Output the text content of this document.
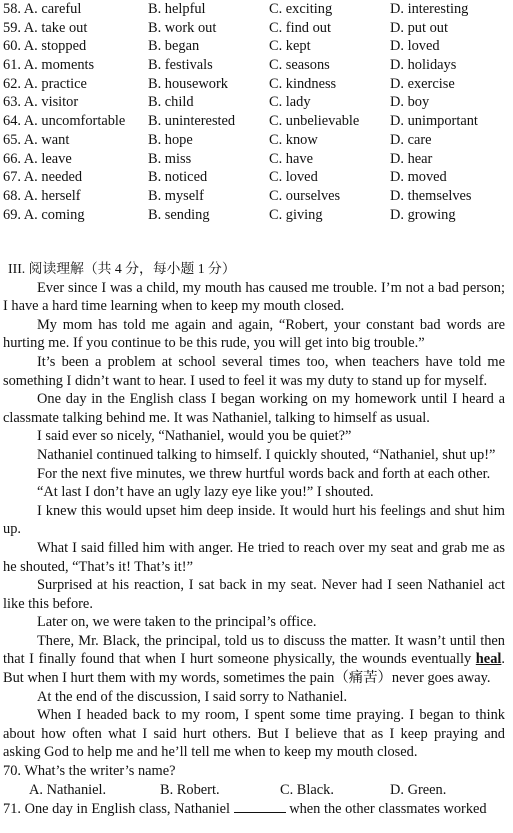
58. A. careful	B. helpful	C. exciting	D. interesting
59. A. take out	B. work out	C. find out	D. put out
60. A. stopped	B. began	C. kept	D. loved
61. A. moments	B. festivals	C. seasons	D. holidays
62. A. practice	B. housework	C. kindness	D. exercise
63. A. visitor	B. child	C. lady	D. boy
64. A. uncomfortable B. uninterested C. unbelievable D. unimportant
65. A. want	B. hope	C. know	D. care
66. A. leave	B. miss	C. have	D. hear
67. A. needed	B. noticed	C. loved	D. moved
68. A. herself	B. myself	C. ourselves	D. themselves
69. A. coming	B. sending	C. giving	D. growing
III. 阅读理解（共 4 分，每小题 1 分）
Ever since I was a child, my mouth has caused me trouble. I’m not a bad person;
I have a hard time learning when to keep my mouth closed.
My mom has told me again and again, “Robert, your constant bad words are
hurting me. If you continue to be this rude, you will get into big trouble.”
It’s been a problem at school several times too, when teachers have told me
something I didn’t want to hear. I used to feel it was my duty to stand up for myself.
One day in the English class I began working on my homework until I heard a
classmate talking behind me. It was Nathaniel, talking to himself as usual.
I said ever so nicely, “Nathaniel, would you be quiet?”
Nathaniel continued talking to himself. I quickly shouted, “Nathaniel, shut up!”
For the next five minutes, we threw hurtful words back and forth at each other.
“At last I don’t have an ugly lazy eye like you!” I shouted.
I knew this would upset him deep inside. It would hurt his feelings and shut him
up.
What I said filled him with anger. He tried to reach over my seat and grab me as
he shouted, “That’s it! That’s it!”
Surprised at his reaction, I sat back in my seat. Never had I seen Nathaniel act
like this before.
Later on, we were taken to the principal’s office.
There, Mr. Black, the principal, told us to discuss the matter. It wasn’t until then
that I finally found that when I hurt someone physically, the wounds eventually heal.
But when I hurt them with my words, sometimes the pain（痛苦）never goes away.
At the end of the discussion, I said sorry to Nathaniel.
When I headed back to my room, I spent some time praying. I began to think
about how often what I said hurt others. But I believe that as I keep praying and
asking God to help me and he’ll tell me when to keep my mouth closed.
70. What’s the writer’s name?
A. Nathaniel.	B. Robert.	C. Black.	D. Green.
71. One day in English class, Nathaniel	when the other classmates worked
